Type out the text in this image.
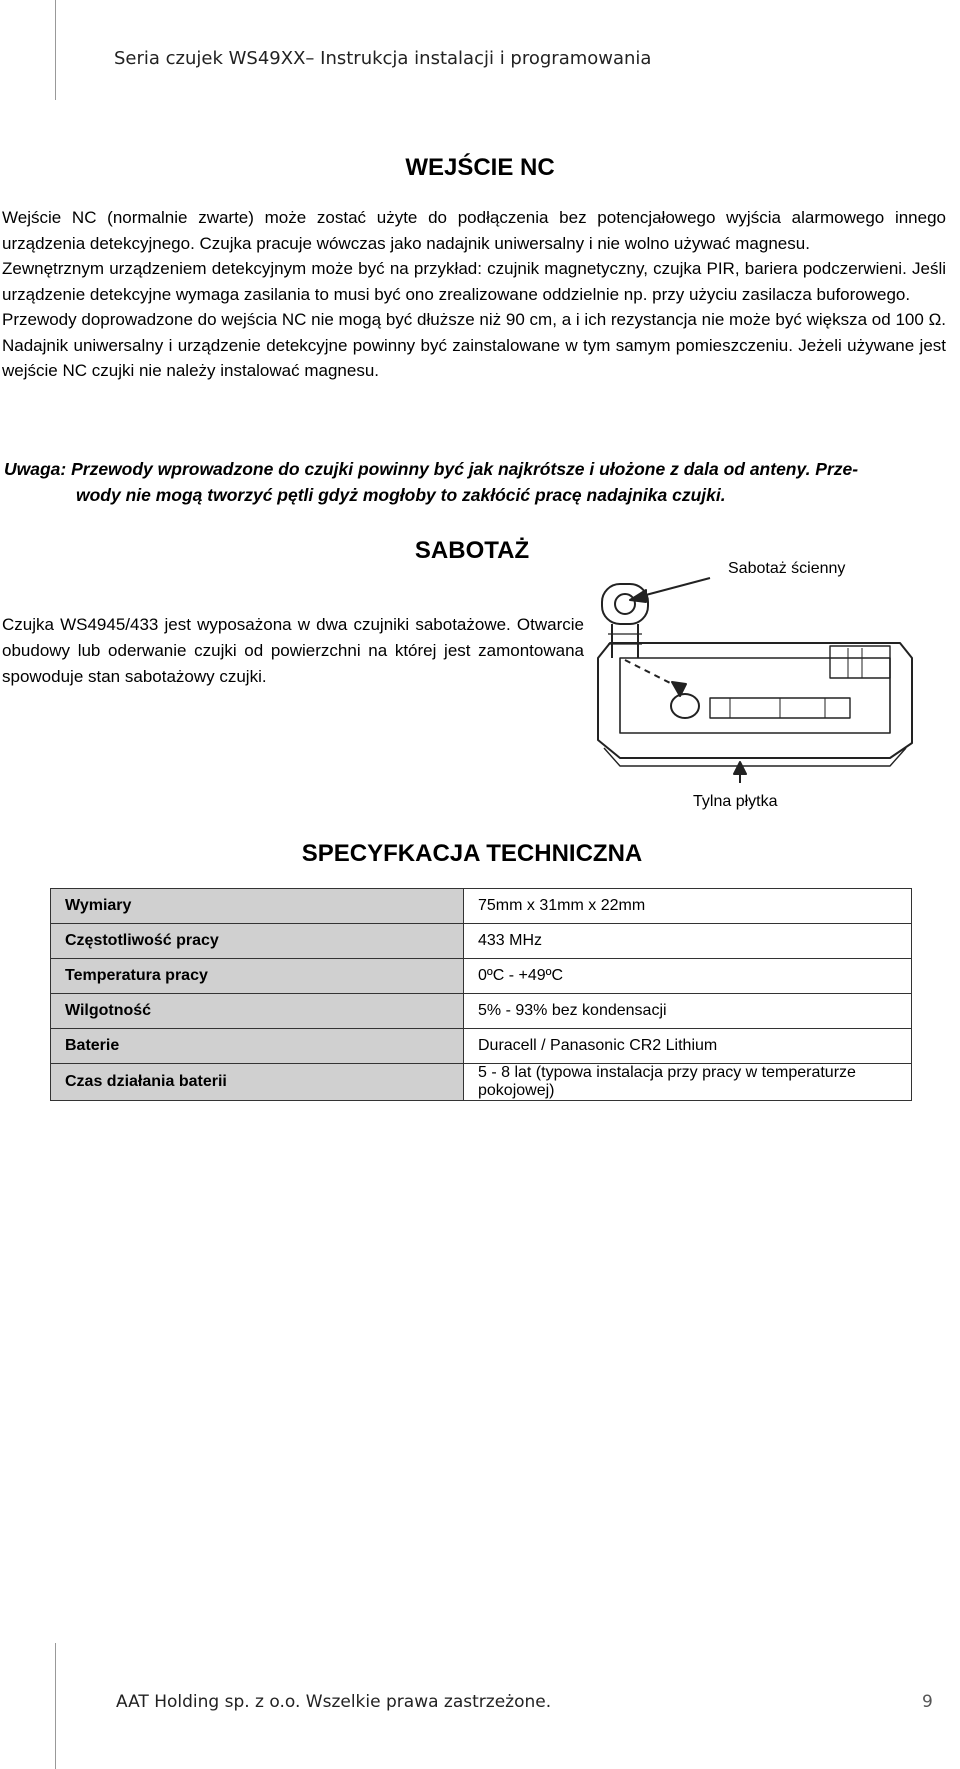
Seria czujek WS49XX– Instrukcja instalacji i programowania
WEJŚCIE NC

Wejście NC (normalnie zwarte) może zostać użyte do podłączenia bez potencjałowego wyjścia alarmowego innego urządzenia detekcyjnego. Czujka pracuje wówczas jako nadajnik uniwersalny i nie wolno używać magnesu.

Zewnętrznym urządzeniem detekcyjnym może być na przykład: czujnik magnetyczny, czujka PIR, bariera podczerwieni. Jeśli urządzenie detekcyjne wymaga zasilania to musi być ono zrealizowane oddzielnie np. przy użyciu zasilacza buforowego.

Przewody doprowadzone do wejścia NC nie mogą być dłuższe niż 90 cm, a i ich rezystancja nie może być większa od 100 Ω. Nadajnik uniwersalny i urządzenie detekcyjne powinny być zainstalowane w tym samym pomieszczeniu. Jeżeli używane jest wejście NC czujki nie należy instalować magnesu.

Uwaga: Przewody wprowadzone do czujki powinny być jak najkrótsze i ułożone z dala od anteny. Prze-
wody nie mogą tworzyć pętli gdyż mogłoby to zakłócić pracę nadajnika czujki.
SABOTAŻ

Czujka WS4945/433 jest wyposażona w dwa czujniki sabotażowe. Otwarcie obudowy lub oderwanie czujki od powierzchni na której jest zamontowana spowoduje stan sabotażowy czujki.

Sabotaż ścienny
Tylna płytka
SPECYFKACJA TECHNICZNA
Wymiary	75mm x 31mm x 22mm
Częstotliwość pracy	433 MHz
Temperatura pracy	0ºC - +49ºC
Wilgotność	5% - 93% bez kondensacji
Baterie	Duracell / Panasonic CR2 Lithium
Czas działania baterii	5 - 8 lat (typowa instalacja przy pracy w temperaturze pokojowej)
AAT Holding sp. z o.o. Wszelkie prawa zastrzeżone.	9
